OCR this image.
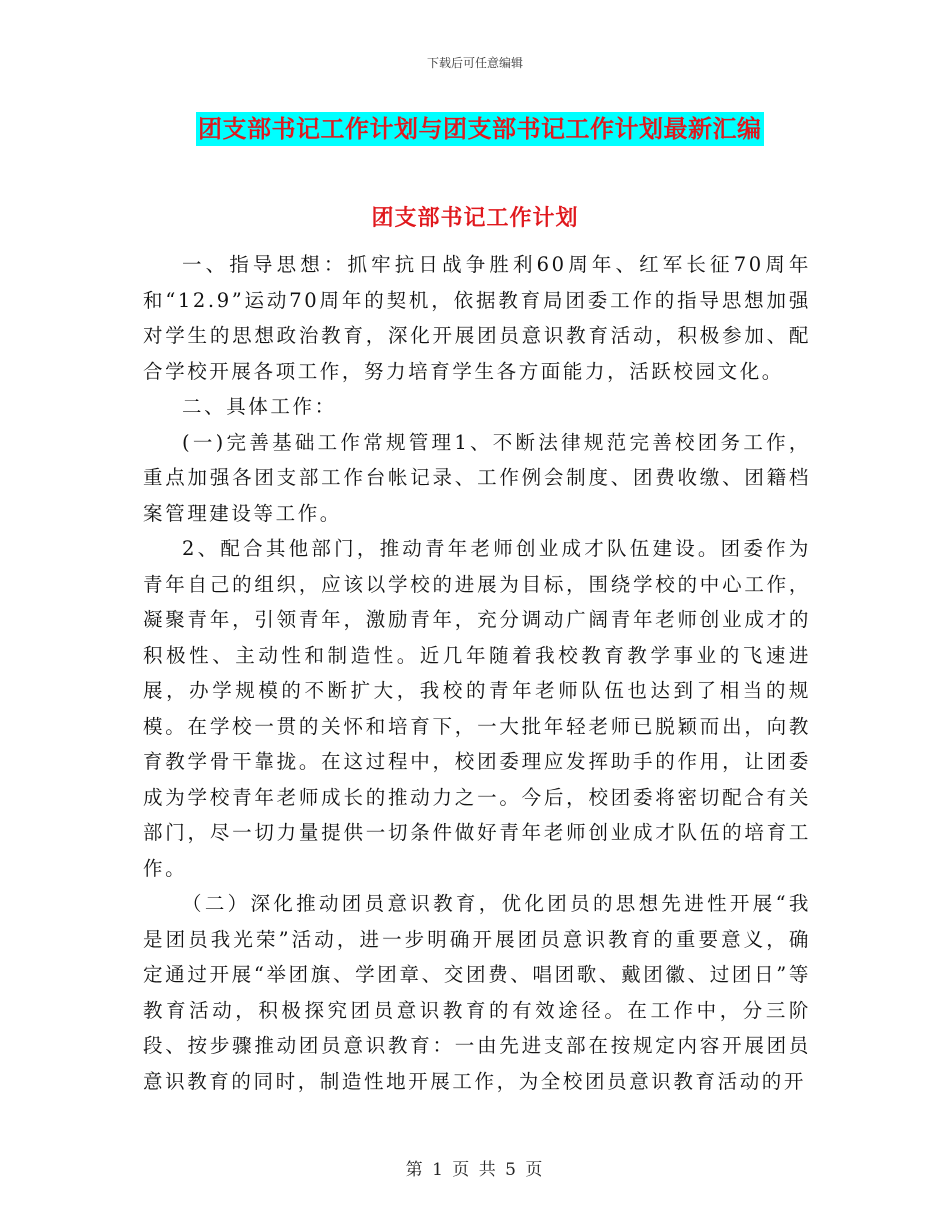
下载后可任意编辑
团支部书记工作计划与团支部书记工作计划最新汇编
团支部书记工作计划

一、指导思想：抓牢抗日战争胜利60周年、红军长征70周年和“12.9”运动70周年的契机，依据教育局团委工作的指导思想加强对学生的思想政治教育，深化开展团员意识教育活动，积极参加、配合学校开展各项工作，努力培育学生各方面能力，活跃校园文化。

二、具体工作：

(一)完善基础工作常规管理1、不断法律规范完善校团务工作，重点加强各团支部工作台帐记录、工作例会制度、团费收缴、团籍档案管理建设等工作。

2、配合其他部门，推动青年老师创业成才队伍建设。团委作为青年自己的组织，应该以学校的进展为目标，围绕学校的中心工作，凝聚青年，引领青年，激励青年，充分调动广阔青年老师创业成才的积极性、主动性和制造性。近几年随着我校教育教学事业的飞速进展，办学规模的不断扩大，我校的青年老师队伍也达到了相当的规模。在学校一贯的关怀和培育下，一大批年轻老师已脱颖而出，向教育教学骨干靠拢。在这过程中，校团委理应发挥助手的作用，让团委成为学校青年老师成长的推动力之一。今后，校团委将密切配合有关部门，尽一切力量提供一切条件做好青年老师创业成才队伍的培育工作。

（二）深化推动团员意识教育，优化团员的思想先进性开展“我是团员我光荣”活动，进一步明确开展团员意识教育的重要意义，确定通过开展“举团旗、学团章、交团费、唱团歌、戴团徽、过团日”等教育活动，积极探究团员意识教育的有效途径。在工作中，分三阶段、按步骤推动团员意识教育：一由先进支部在按规定内容开展团员意识教育的同时，制造性地开展工作，为全校团员意识教育活动的开

第 1 页 共 5 页
